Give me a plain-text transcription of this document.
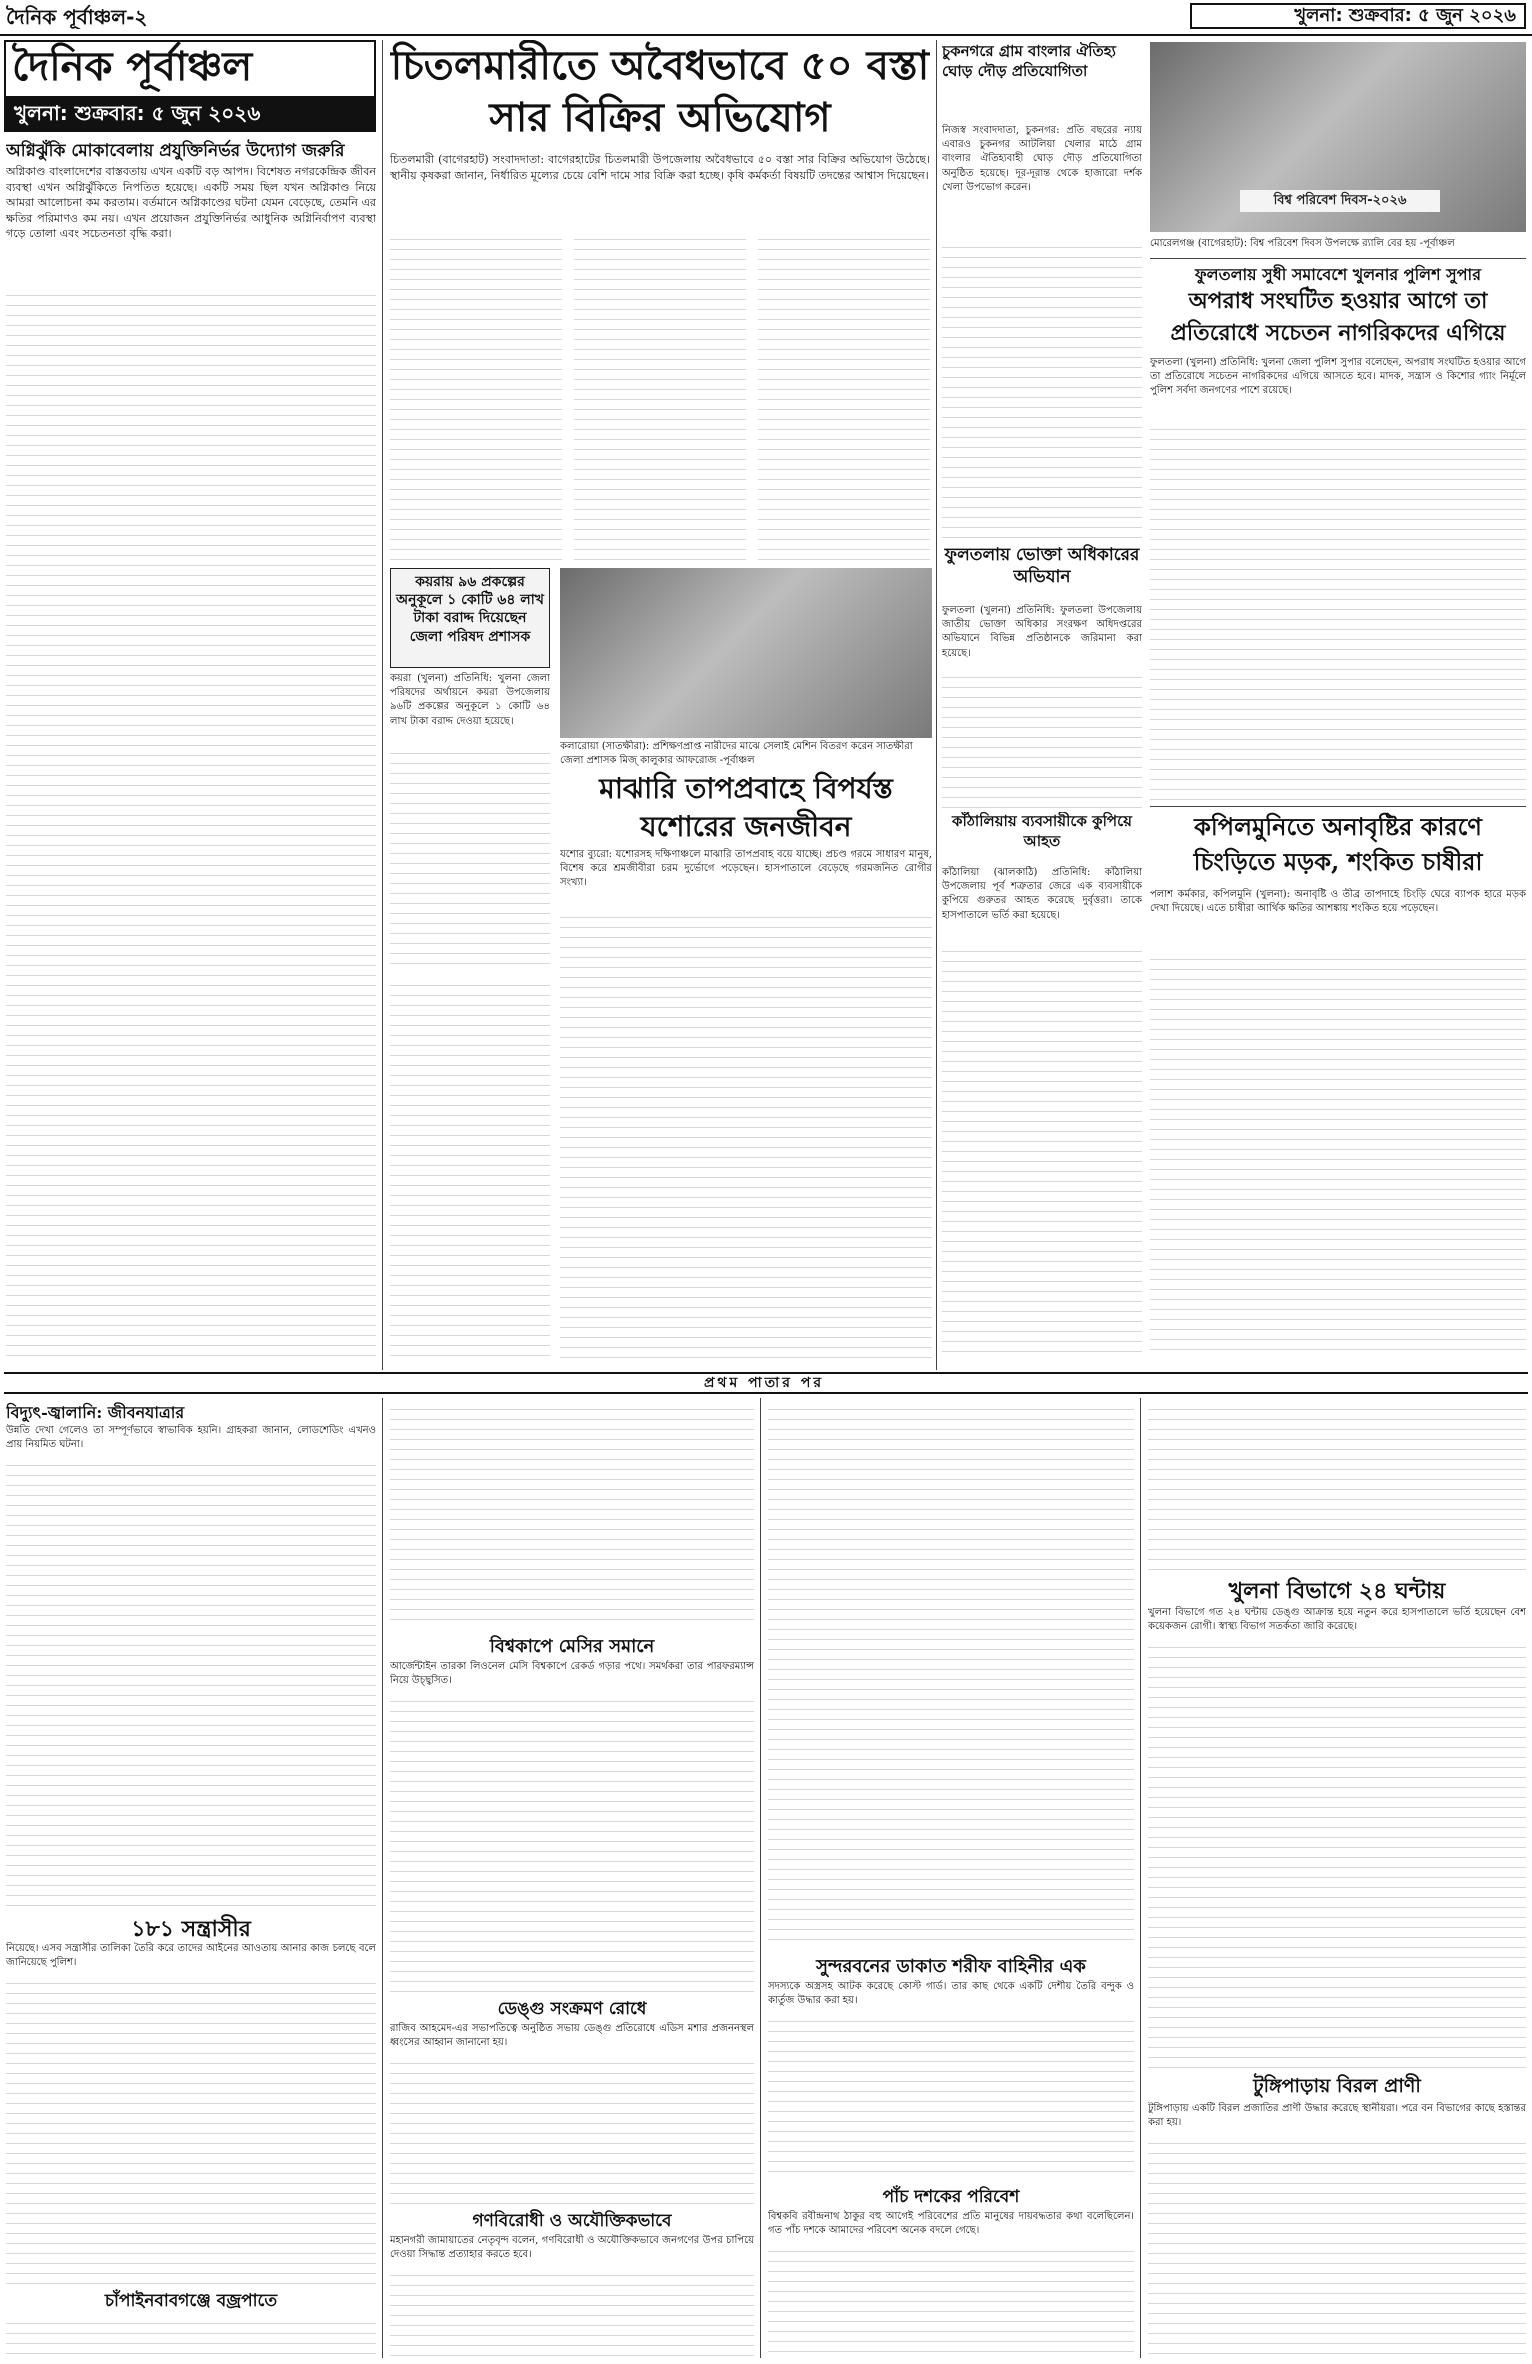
দৈনিক পূর্বাঞ্চল-২	খুলনা: শুক্রবার: ৫ জুন ২০২৬
দৈনিক পূর্বাঞ্চল
খুলনা: শুক্রবার: ৫ জুন ২০২৬
অগ্নিঝুঁকি মোকাবেলায় প্রযুক্তিনির্ভর উদ্যোগ জরুরি
অগ্নিকাণ্ড বাংলাদেশের বাস্তবতায় এখন একটি বড় আপদ। বিশেষত নগরকেন্দ্রিক জীবন ব্যবস্থা এখন অগ্নিঝুঁকিতে নিপতিত হয়েছে। একটি সময় ছিল যখন অগ্নিকাণ্ড নিয়ে আমরা আলোচনা কম করতাম। বর্তমানে অগ্নিকাণ্ডের ঘটনা যেমন বেড়েছে, তেমনি এর ক্ষতির পরিমাণও কম নয়। এখন প্রয়োজন প্রযুক্তিনির্ভর আধুনিক অগ্নিনির্বাপণ ব্যবস্থা গড়ে তোলা এবং সচেতনতা বৃদ্ধি করা।
চিতলমারীতে অবৈধভাবে ৫০ বস্তা সার বিক্রির অভিযোগ
চিতলমারী (বাগেরহাট) সংবাদদাতা: বাগেরহাটের চিতলমারী উপজেলায় অবৈধভাবে ৫০ বস্তা সার বিক্রির অভিযোগ উঠেছে। স্থানীয় কৃষকরা জানান, নির্ধারিত মূল্যের চেয়ে বেশি দামে সার বিক্রি করা হচ্ছে। কৃষি কর্মকর্তা বিষয়টি তদন্তের আশ্বাস দিয়েছেন।
চুকনগরে গ্রাম বাংলার ঐতিহ্য ঘোড় দৌড় প্রতিযোগিতা
নিজস্ব সংবাদদাতা, চুকনগর: প্রতি বছরের ন্যায় এবারও চুকনগর আটলিয়া খেলার মাঠে গ্রাম বাংলার ঐতিহ্যবাহী ঘোড় দৌড় প্রতিযোগিতা অনুষ্ঠিত হয়েছে। দূর-দূরান্ত থেকে হাজারো দর্শক খেলা উপভোগ করেন।
বিশ্ব পরিবেশ দিবস-২০২৬
মোরেলগঞ্জ (বাগেরহাট): বিশ্ব পরিবেশ দিবস উপলক্ষে র‍্যালি বের হয় -পূর্বাঞ্চল
ফুলতলায় সুধী সমাবেশে খুলনার পুলিশ সুপার
অপরাধ সংঘটিত হওয়ার আগে তা প্রতিরোধে সচেতন নাগরিকদের এগিয়ে
ফুলতলা (খুলনা) প্রতিনিধি: খুলনা জেলা পুলিশ সুপার বলেছেন, অপরাধ সংঘটিত হওয়ার আগে তা প্রতিরোধে সচেতন নাগরিকদের এগিয়ে আসতে হবে। মাদক, সন্ত্রাস ও কিশোর গ্যাং নির্মূলে পুলিশ সর্বদা জনগণের পাশে রয়েছে।
কয়রায় ৯৬ প্রকল্পের অনুকূলে ১ কোটি ৬৪ লাখ টাকা বরাদ্দ দিয়েছেন জেলা পরিষদ প্রশাসক
কয়রা (খুলনা) প্রতিনিধি: খুলনা জেলা পরিষদের অর্থায়নে কয়রা উপজেলায় ৯৬টি প্রকল্পের অনুকূলে ১ কোটি ৬৪ লাখ টাকা বরাদ্দ দেওয়া হয়েছে।
কলারোয়া (সাতক্ষীরা): প্রশিক্ষণপ্রাপ্ত নারীদের মাঝে সেলাই মেশিন বিতরণ করেন সাতক্ষীরা জেলা প্রশাসক মিজ্ কালুকার আফরোজ -পূর্বাঞ্চল
মাঝারি তাপপ্রবাহে বিপর্যস্ত যশোরের জনজীবন
যশোর ব্যুরো: যশোরসহ দক্ষিণাঞ্চলে মাঝারি তাপপ্রবাহ বয়ে যাচ্ছে। প্রচণ্ড গরমে সাধারণ মানুষ, বিশেষ করে শ্রমজীবীরা চরম দুর্ভোগে পড়েছেন। হাসপাতালে বেড়েছে গরমজনিত রোগীর সংখ্যা।
ফুলতলায় ভোক্তা অধিকারের অভিযান
ফুলতলা (খুলনা) প্রতিনিধি: ফুলতলা উপজেলায় জাতীয় ভোক্তা অধিকার সংরক্ষণ অধিদপ্তরের অভিযানে বিভিন্ন প্রতিষ্ঠানকে জরিমানা করা হয়েছে।
কাঁঠালিয়ায় ব্যবসায়ীকে কুপিয়ে আহত
কাঁঠালিয়া (ঝালকাঠি) প্রতিনিধি: কাঁঠালিয়া উপজেলায় পূর্ব শত্রুতার জেরে এক ব্যবসায়ীকে কুপিয়ে গুরুতর আহত করেছে দুর্বৃত্তরা। তাকে হাসপাতালে ভর্তি করা হয়েছে।
কপিলমুনিতে অনাবৃষ্টির কারণে চিংড়িতে মড়ক, শংকিত চাষীরা
পলাশ কর্মকার, কপিলমুনি (খুলনা): অনাবৃষ্টি ও তীব্র তাপদাহে চিংড়ি ঘেরে ব্যাপক হারে মড়ক দেখা দিয়েছে। এতে চাষীরা আর্থিক ক্ষতির আশঙ্কায় শংকিত হয়ে পড়েছেন।
প্রথম পাতার পর
বিদ্যুৎ-জ্বালানি: জীবনযাত্রার
উন্নতি দেখা গেলেও তা সম্পূর্ণভাবে স্বাভাবিক হয়নি। গ্রাহকরা জানান, লোডশেডিং এখনও প্রায় নিয়মিত ঘটনা।
১৮১ সন্ত্রাসীর
নিয়েছে। এসব সন্ত্রাসীর তালিকা তৈরি করে তাদের আইনের আওতায় আনার কাজ চলছে বলে জানিয়েছে পুলিশ।
চাঁপাইনবাবগঞ্জে বজ্রপাতে
বিশ্বকাপে মেসির সমানে
আর্জেন্টাইন তারকা লিওনেল মেসি বিশ্বকাপে রেকর্ড গড়ার পথে। সমর্থকরা তার পারফরম্যান্স নিয়ে উচ্ছ্বসিত।
ডেঙ্গু সংক্রমণ রোধে
রাজিব আহমেদ-এর সভাপতিত্বে অনুষ্ঠিত সভায় ডেঙ্গু প্রতিরোধে এডিস মশার প্রজননস্থল ধ্বংসের আহ্বান জানানো হয়।
গণবিরোধী ও অযৌক্তিকভাবে
মহানগরী জামায়াতের নেতৃবৃন্দ বলেন, গণবিরোধী ও অযৌক্তিকভাবে জনগণের উপর চাপিয়ে দেওয়া সিদ্ধান্ত প্রত্যাহার করতে হবে।
সুন্দরবনের ডাকাত শরীফ বাহিনীর এক
সদস্যকে অস্ত্রসহ আটক করেছে কোস্ট গার্ড। তার কাছ থেকে একটি দেশীয় তৈরি বন্দুক ও কার্তুজ উদ্ধার করা হয়।
পাঁচ দশকের পরিবেশ
বিশ্বকবি রবীন্দ্রনাথ ঠাকুর বহু আগেই পরিবেশের প্রতি মানুষের দায়বদ্ধতার কথা বলেছিলেন। গত পাঁচ দশকে আমাদের পরিবেশ অনেক বদলে গেছে।
খুলনা বিভাগে ২৪ ঘন্টায়
খুলনা বিভাগে গত ২৪ ঘন্টায় ডেঙ্গু আক্রান্ত হয়ে নতুন করে হাসপাতালে ভর্তি হয়েছেন বেশ কয়েকজন রোগী। স্বাস্থ্য বিভাগ সতর্কতা জারি করেছে।
টুঙ্গিপাড়ায় বিরল প্রাণী
টুঙ্গিপাড়ায় একটি বিরল প্রজাতির প্রাণী উদ্ধার করেছে স্থানীয়রা। পরে বন বিভাগের কাছে হস্তান্তর করা হয়।
